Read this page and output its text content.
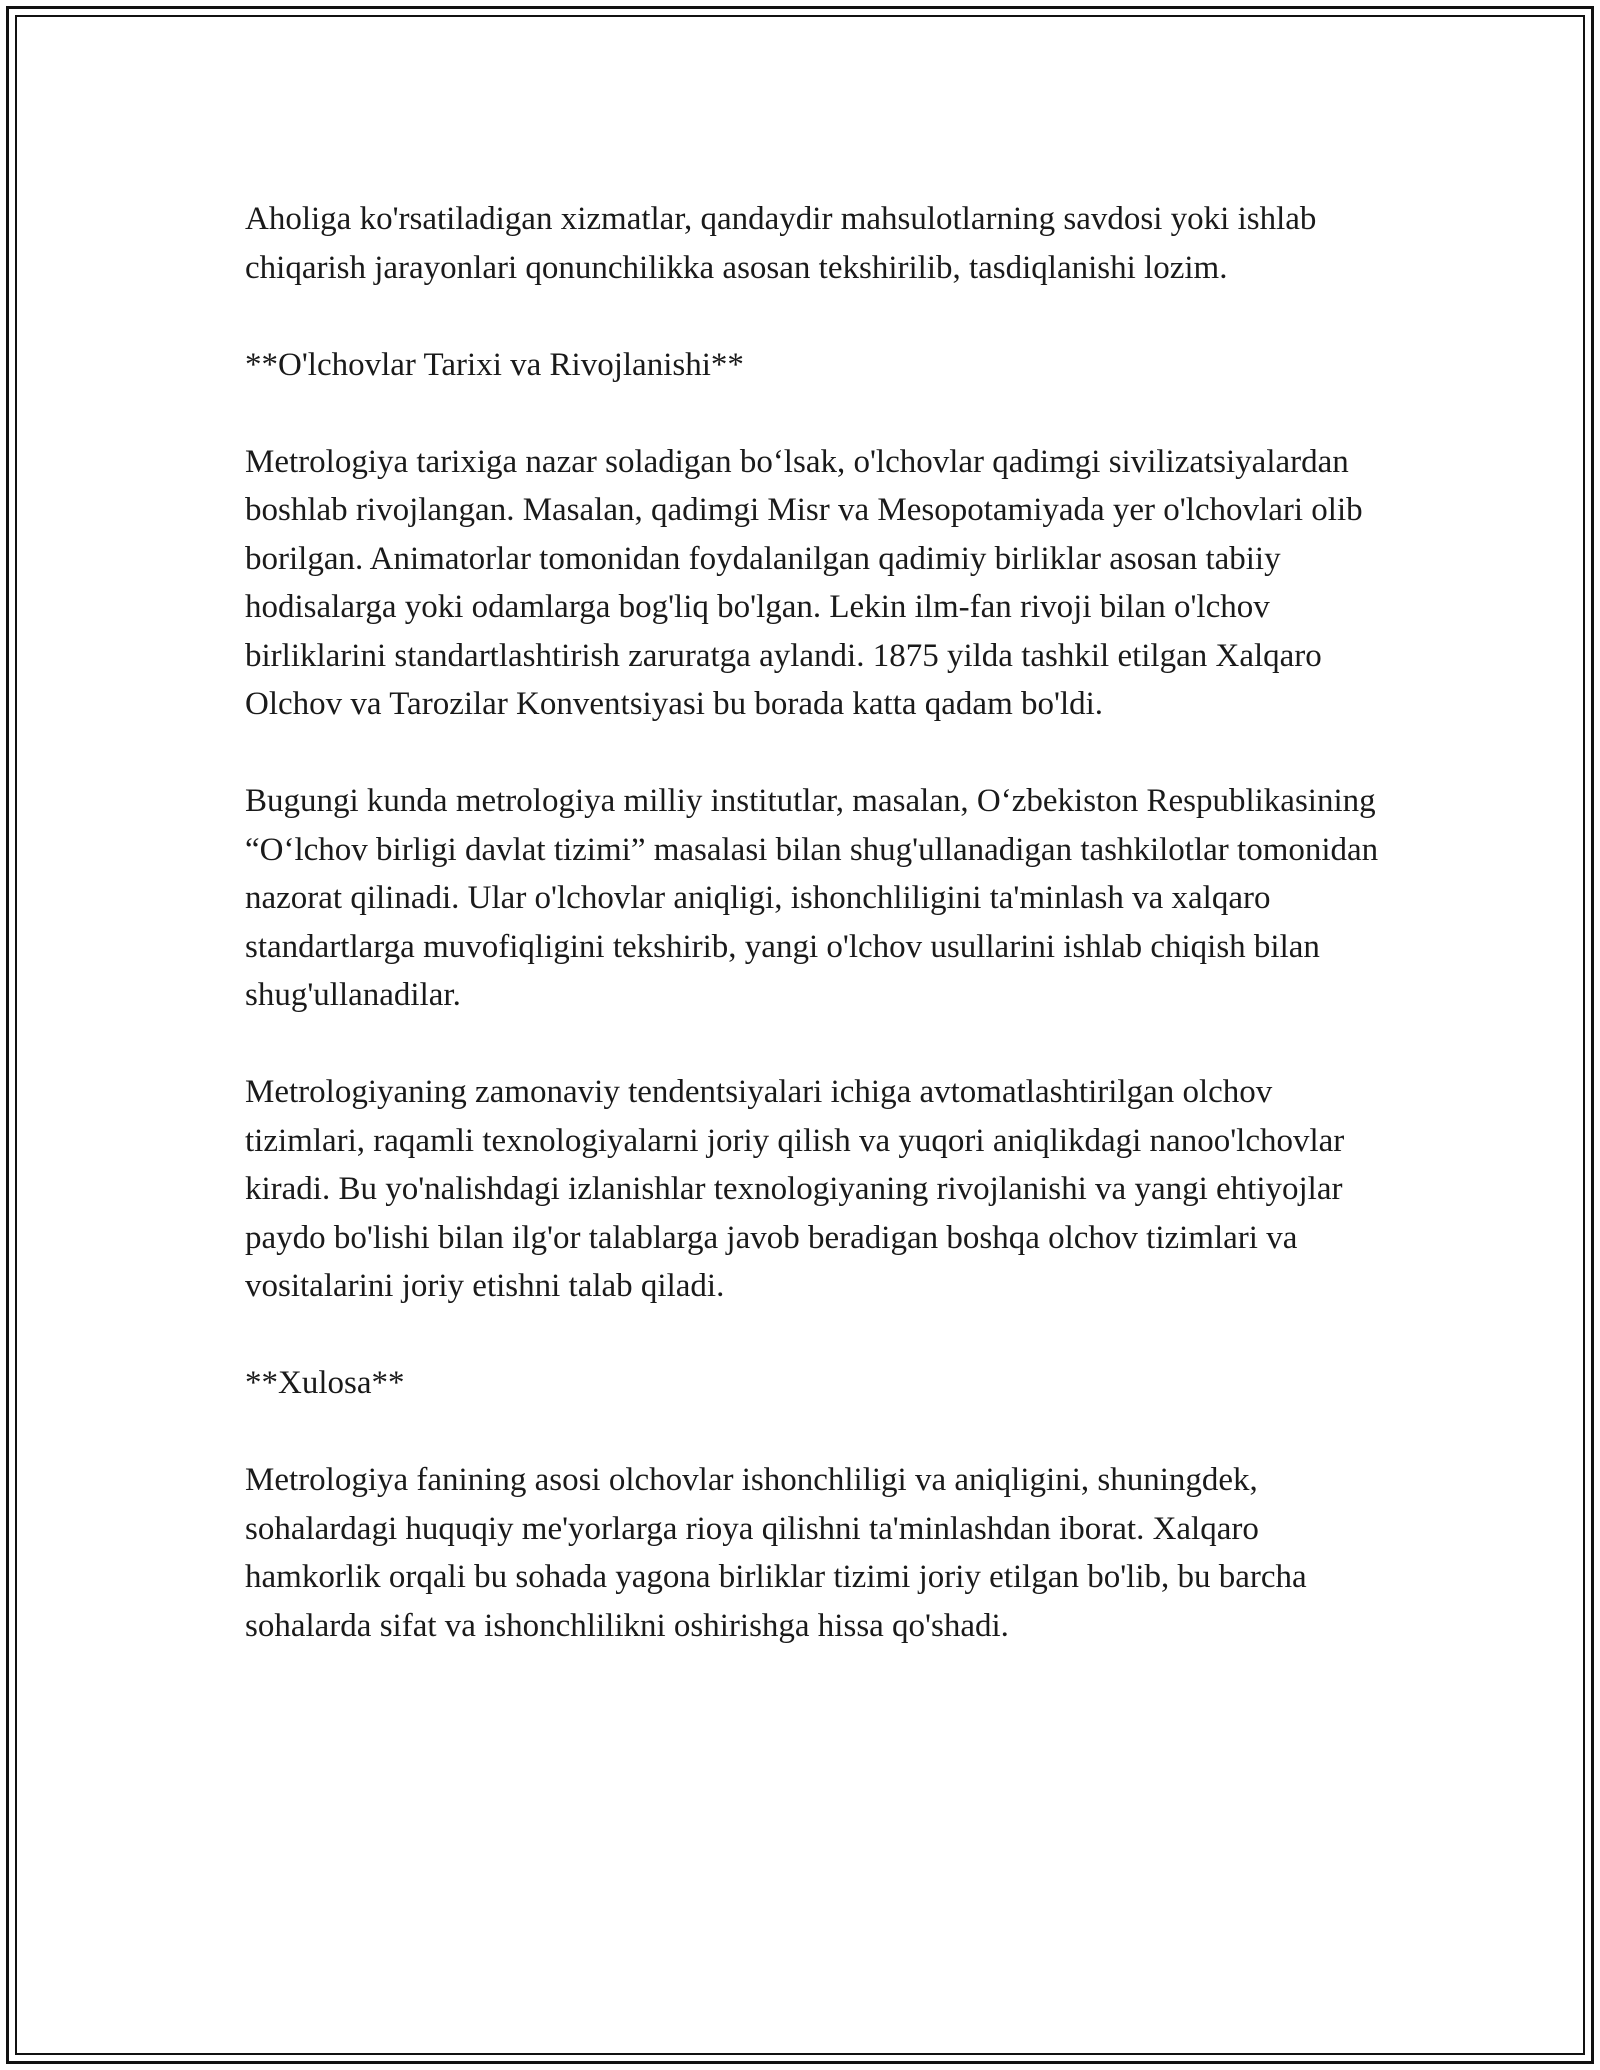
Aholiga ko'rsatiladigan xizmatlar, qandaydir mahsulotlarning savdosi yoki ishlab chiqarish jarayonlari qonunchilikka asosan tekshirilib, tasdiqlanishi lozim.

**O'lchovlar Tarixi va Rivojlanishi**

Metrologiya tarixiga nazar soladigan bo‘lsak, o'lchovlar qadimgi sivilizatsiyalardan boshlab rivojlangan. Masalan, qadimgi Misr va Mesopotamiyada yer o'lchovlari olib borilgan. Animatorlar tomonidan foydalanilgan qadimiy birliklar asosan tabiiy hodisalarga yoki odamlarga bog'liq bo'lgan. Lekin ilm-fan rivoji bilan o'lchov birliklarini standartlashtirish zaruratga aylandi. 1875 yilda tashkil etilgan Xalqaro Olchov va Tarozilar Konventsiyasi bu borada katta qadam bo'ldi.

Bugungi kunda metrologiya milliy institutlar, masalan, O‘zbekiston Respublikasining “O‘lchov birligi davlat tizimi” masalasi bilan shug'ullanadigan tashkilotlar tomonidan nazorat qilinadi. Ular o'lchovlar aniqligi, ishonchliligini ta'minlash va xalqaro standartlarga muvofiqligini tekshirib, yangi o'lchov usullarini ishlab chiqish bilan shug'ullanadilar.

Metrologiyaning zamonaviy tendentsiyalari ichiga avtomatlashtirilgan olchov tizimlari, raqamli texnologiyalarni joriy qilish va yuqori aniqlikdagi nanoo'lchovlar kiradi. Bu yo'nalishdagi izlanishlar texnologiyaning rivojlanishi va yangi ehtiyojlar paydo bo'lishi bilan ilg'or talablarga javob beradigan boshqa olchov tizimlari va vositalarini joriy etishni talab qiladi.

**Xulosa**

Metrologiya fanining asosi olchovlar ishonchliligi va aniqligini, shuningdek, sohalardagi huquqiy me'yorlarga rioya qilishni ta'minlashdan iborat. Xalqaro hamkorlik orqali bu sohada yagona birliklar tizimi joriy etilgan bo'lib, bu barcha sohalarda sifat va ishonchlilikni oshirishga hissa qo'shadi.
